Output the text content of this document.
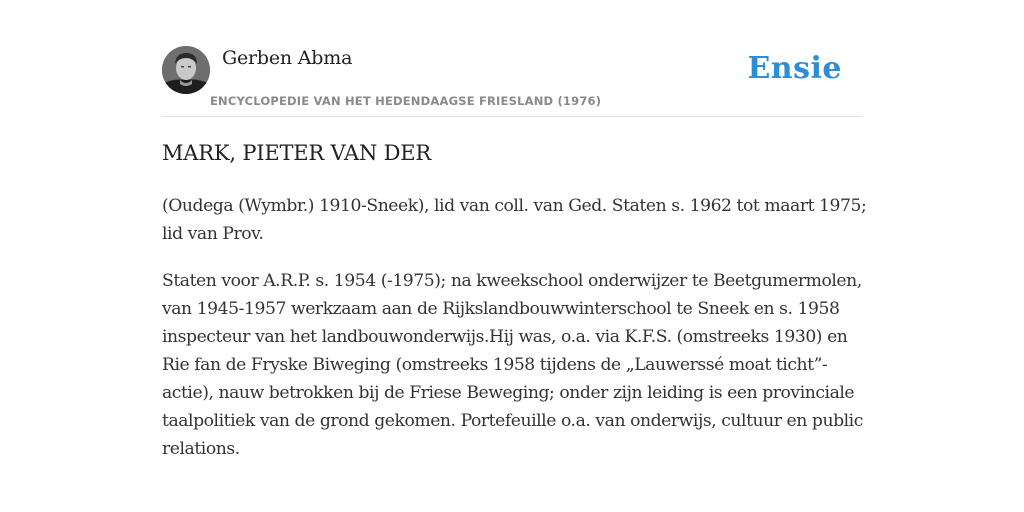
Gerben Abma
ENCYCLOPEDIE VAN HET HEDENDAAGSE FRIESLAND (1976)
Ensie
MARK, PIETER VAN DER

(Oudega (Wymbr.) 1910-Sneek), lid van coll. van Ged. Staten s. 1962 tot maart 1975; lid van Prov.

Staten voor A.R.P. s. 1954 (-1975); na kweekschool onderwijzer te Beetgumermolen, van 1945-1957 werkzaam aan de Rijkslandbouwwinterschool te Sneek en s. 1958 inspecteur van het landbouwonderwijs.Hij was, o.a. via K.F.S. (omstreeks 1930) en Rie fan de Fryske Biweging (omstreeks 1958 tijdens de „Lauwerssé moat ticht”-actie), nauw betrokken bij de Friese Beweging; onder zijn leiding is een provinciale taalpolitiek van de grond gekomen. Portefeuille o.a. van onderwijs, cultuur en public relations.
